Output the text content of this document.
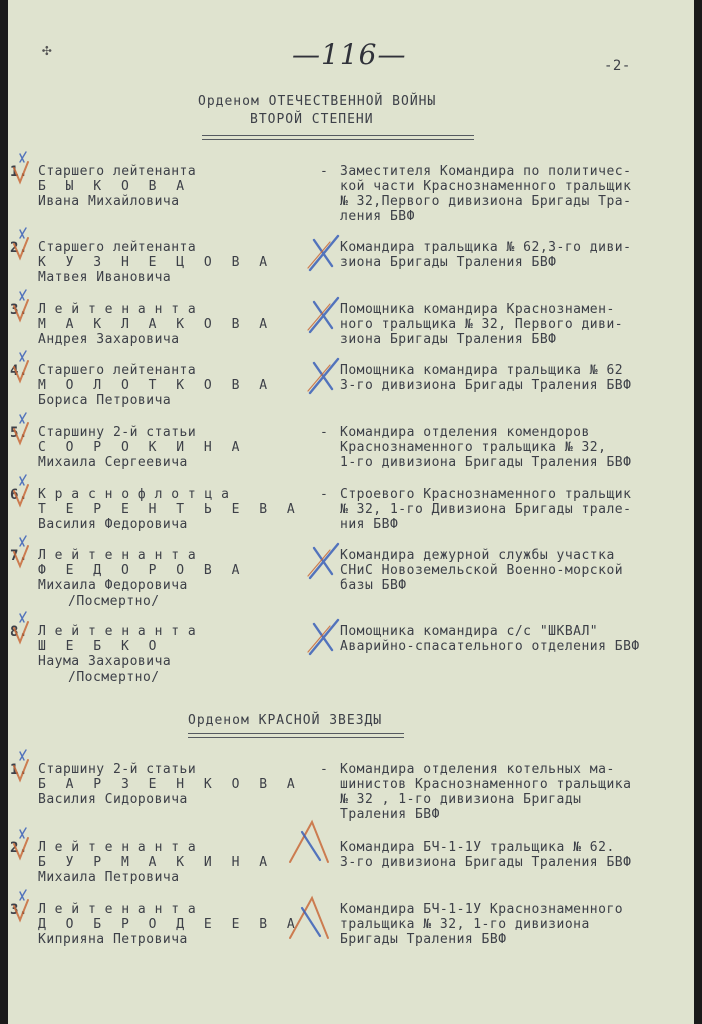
—116—	-2-
Орденом ОТЕЧЕСТВЕННОЙ ВОЙНЫ
ВТОРОЙ СТЕПЕНИ
1. Старшего лейтенанта
Б Ы К О В А
Ивана Михайловича
- Заместителя Командира по политичес-
кой части Краснознаменного тральщик
№ 32,Первого дивизиона Бригады Тра-
ления БВФ
2. Старшего лейтенанта
К У З Н Е Ц О В А
Матвея Ивановича
Командира тральщика № 62,3-го диви-
зиона Бригады Траления БВФ
3. Л е й т е н а н т а
М А К Л А К О В А
Андрея Захаровича
Помощника командира Краснознамен-
ного тральщика № 32, Первого диви-
зиона Бригады Траления БВФ
4. Старшего лейтенанта
М О Л О Т К О В А
Бориса Петровича
Помощника командира тральщика № 62
3-го дивизиона Бригады Траления БВФ
5. Старшину 2-й статьи
С О Р О К И Н А
Михаила Сергеевича
- Командира отделения комендоров
Краснознаменного тральщика № 32,
1-го дивизиона Бригады Траления БВФ
6. К р а с н о ф л о т ц а
Т Е Р Е Н Т Ь Е В А
Василия Федоровича
- Строевого Краснознаменного тральщик
№ 32, 1-го Дивизиона Бригады трале-
ния БВФ
7. Л е й т е н а н т а
Ф Е Д О Р О В А
Михаила Федоровича
/Посмертно/
Командира дежурной службы участка
СНиС Новоземельской Военно-морской
базы БВФ
8. Л е й т е н а н т а
Ш Е Б К О
Наума Захаровича
/Посмертно/
Помощника командира с/с "ШКВАЛ"
Аварийно-спасательного отделения БВФ
Орденом КРАСНОЙ ЗВЕЗДЫ
1. Старшину 2-й статьи
Б А Р З Е Н К О В А
Василия Сидоровича
- Командира отделения котельных ма-
шинистов Краснознаменного тральщика
№ 32 , 1-го дивизиона Бригады
Траления БВФ
2. Л е й т е н а н т а
Б У Р М А К И Н А
Михаила Петровича
Командира БЧ-1-1У тральщика № 62.
3-го дивизиона Бригады Траления БВФ
3. Л е й т е н а н т а
Д О Б Р О Д Е Е В А
Киприяна Петровича
Командира БЧ-1-1У Краснознаменного
тральщика № 32, 1-го дивизиона
Бригады Траления БВФ
✣
